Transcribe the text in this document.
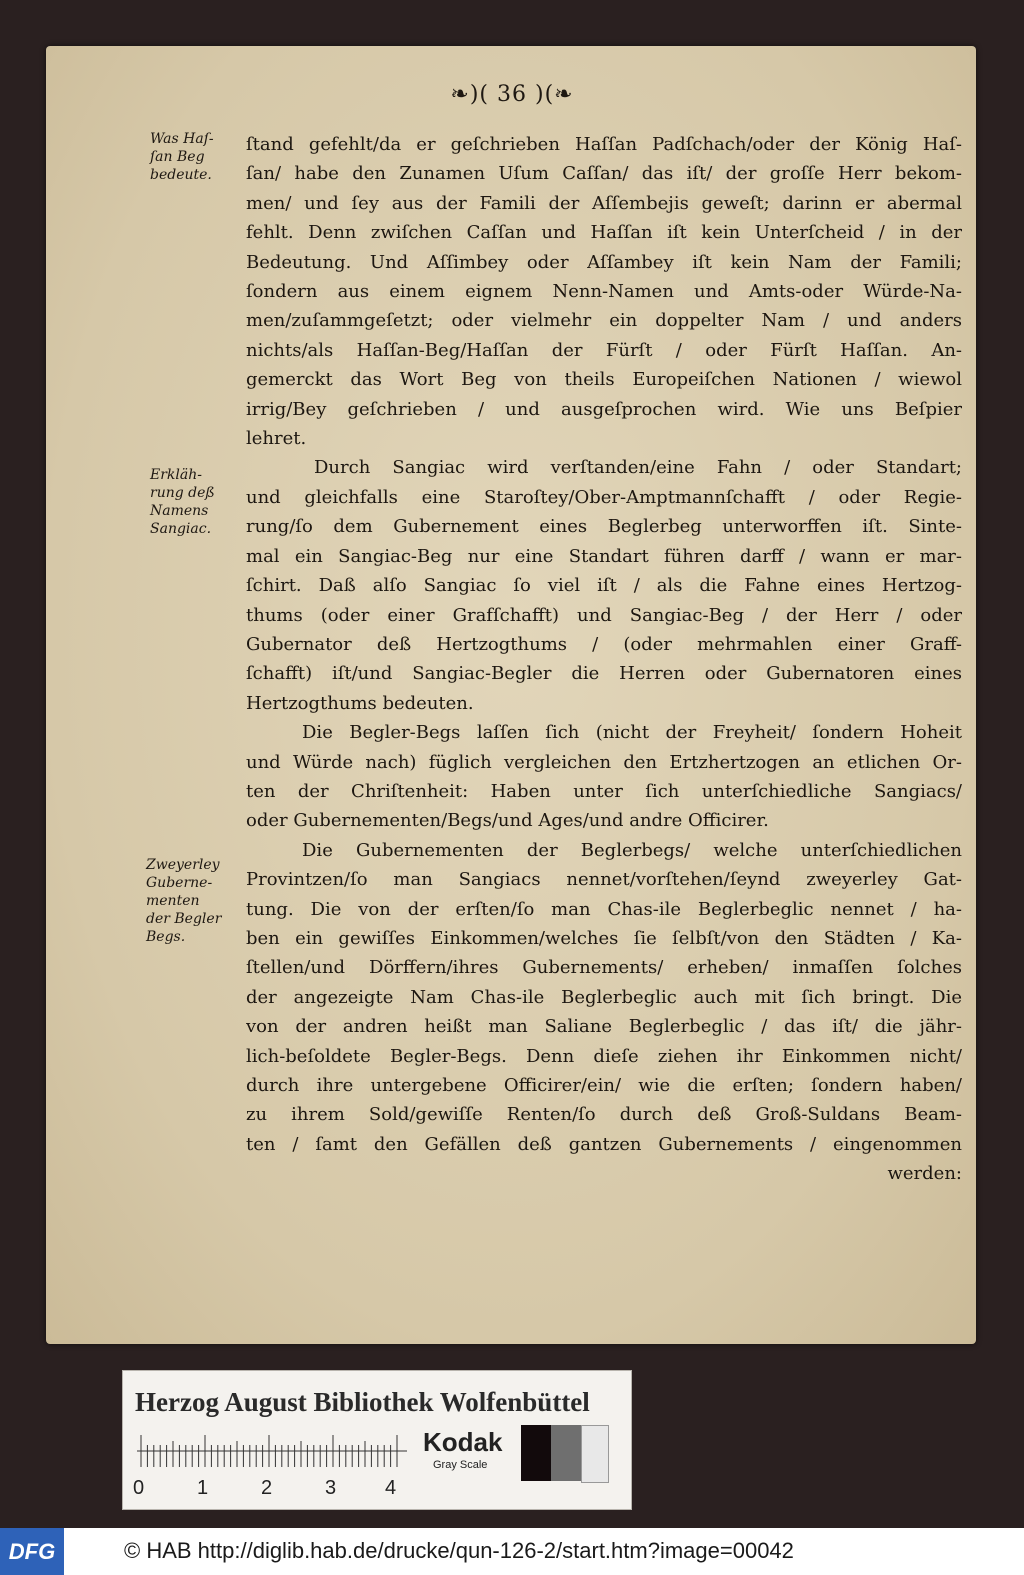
❧)( 36 )(❧
Was Haſ-
ſan Beg
bedeute.
Erkläh-
rung deß
Namens
Sangiac.
Zweyerley
Guberne-
menten
der Begler
Begs.
ſtand gefehlt/da er geſchrieben Haſſan Padſchach/oder der König Haſ-
ſan/ habe den Zunamen Uſum Caſſan/ das iſt/ der groſſe Herr bekom-
men/ und ſey aus der Famili der Aſſembejis geweſt; darinn er abermal
fehlt. Denn zwiſchen Caſſan und Haſſan iſt kein Unterſcheid / in der
Bedeutung. Und Aſſimbey oder Aſſambey iſt kein Nam der Famili;
ſondern aus einem eignem Nenn-Namen und Amts-oder Würde-Na-
men/zuſammgeſetzt; oder vielmehr ein doppelter Nam / und anders
nichts/als Haſſan-Beg/Haſſan der Fürſt / oder Fürſt Haſſan. An-
gemerckt das Wort Beg von theils Europeiſchen Nationen / wiewol
irrig/Bey geſchrieben / und ausgeſprochen wird. Wie uns Beſpier
lehret.
Durch Sangiac wird verſtanden/eine Fahn / oder Standart;
und gleichfalls eine Staroſtey/Ober-Amptmannſchafft / oder Regie-
rung/ſo dem Gubernement eines Beglerbeg unterworffen iſt. Sinte-
mal ein Sangiac-Beg nur eine Standart führen darff / wann er mar-
ſchirt. Daß alſo Sangiac ſo viel iſt / als die Fahne eines Hertzog-
thums (oder einer Grafſchafft) und Sangiac-Beg / der Herr / oder
Gubernator deß Hertzogthums / (oder mehrmahlen einer Graff-
ſchafft) iſt/und Sangiac-Begler die Herren oder Gubernatoren eines
Hertzogthums bedeuten.
Die Begler-Begs laſſen ſich (nicht der Freyheit/ ſondern Hoheit
und Würde nach) füglich vergleichen den Ertzhertzogen an etlichen Or-
ten der Chriſtenheit: Haben unter ſich unterſchiedliche Sangiacs/
oder Gubernementen/Begs/und Ages/und andre Officirer.
Die Gubernementen der Beglerbegs/ welche unterſchiedlichen
Provintzen/ſo man Sangiacs nennet/vorſtehen/ſeynd zweyerley Gat-
tung. Die von der erſten/ſo man Chas-ile Beglerbeglic nennet / ha-
ben ein gewiſſes Einkommen/welches ſie ſelbſt/von den Städten / Ka-
ſtellen/und Dörffern/ihres Gubernements/ erheben/ inmaſſen ſolches
der angezeigte Nam Chas-ile Beglerbeglic auch mit ſich bringt. Die
von der andren heißt man Saliane Beglerbeglic / das iſt/ die jähr-
lich-beſoldete Begler-Begs. Denn dieſe ziehen ihr Einkommen nicht/
durch ihre untergebene Officirer/ein/ wie die erſten; ſondern haben/
zu ihrem Sold/gewiſſe Renten/ſo durch deß Groß-Suldans Beam-
ten / ſamt den Gefällen deß gantzen Gubernements / eingenommen
werden:
Herzog August Bibliothek Wolfenbüttel
Kodak
Gray Scale
0	1	2	3 4
DFG	© HAB http://diglib.hab.de/drucke/qun-126-2/start.htm?image=00042
